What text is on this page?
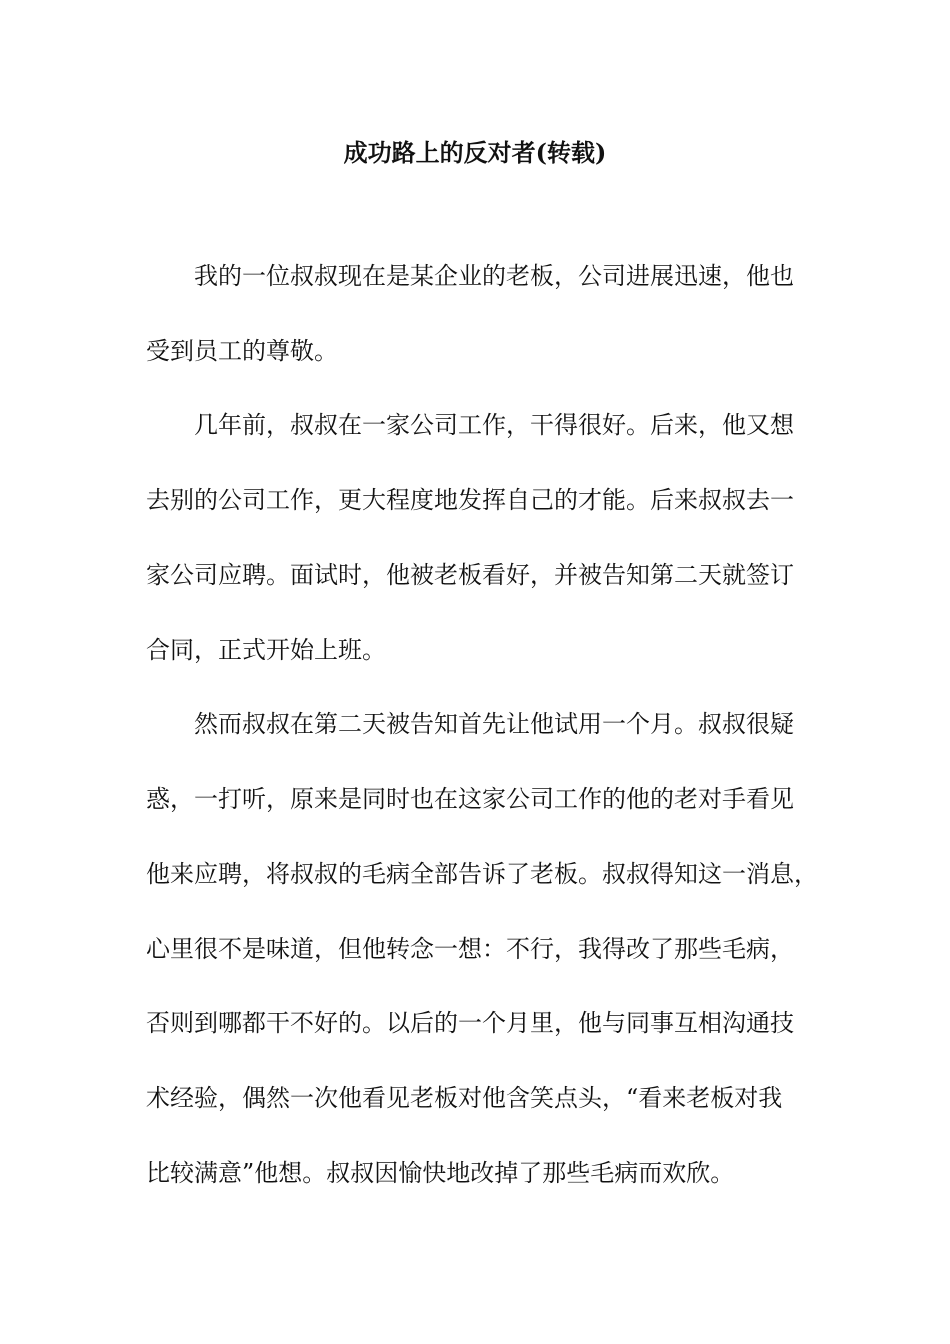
成功路上的反对者(转载)

我的一位叔叔现在是某企业的老板，公司进展迅速，他也

受到员工的尊敬。

几年前，叔叔在一家公司工作，干得很好。后来，他又想

去别的公司工作，更大程度地发挥自己的才能。后来叔叔去一

家公司应聘。面试时，他被老板看好，并被告知第二天就签订

合同，正式开始上班。

然而叔叔在第二天被告知首先让他试用一个月。叔叔很疑

惑，一打听，原来是同时也在这家公司工作的他的老对手看见

他来应聘，将叔叔的毛病全部告诉了老板。叔叔得知这一消息，

心里很不是味道，但他转念一想：不行，我得改了那些毛病，

否则到哪都干不好的。以后的一个月里，他与同事互相沟通技

术经验，偶然一次他看见老板对他含笑点头，“看来老板对我

比较满意”他想。叔叔因愉快地改掉了那些毛病而欢欣。
